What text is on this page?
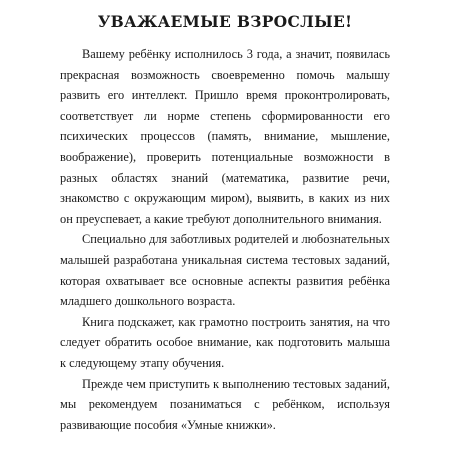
УВАЖАЕМЫЕ ВЗРОСЛЫЕ!

Вашему ребёнку исполнилось 3 года, а значит, появилась прекрасная возможность своевременно помочь малышу развить его интеллект. Пришло время проконтролировать, соответствует ли норме степень сформированности его психических процессов (память, внимание, мышление, воображение), проверить потенциальные возможности в разных областях знаний (математика, развитие речи, знакомство с окружающим миром), выявить, в каких из них он преуспевает, а какие требуют дополнительного внимания.

Специально для заботливых родителей и любознательных малышей разработана уникальная система тестовых заданий, которая охватывает все основные аспекты развития ребёнка младшего дошкольного возраста.

Книга подскажет, как грамотно построить занятия, на что следует обратить особое внимание, как подготовить малыша к следующему этапу обучения.

Прежде чем приступить к выполнению тестовых заданий, мы рекомендуем позаниматься с ребёнком, используя развивающие пособия «Умные книжки».
